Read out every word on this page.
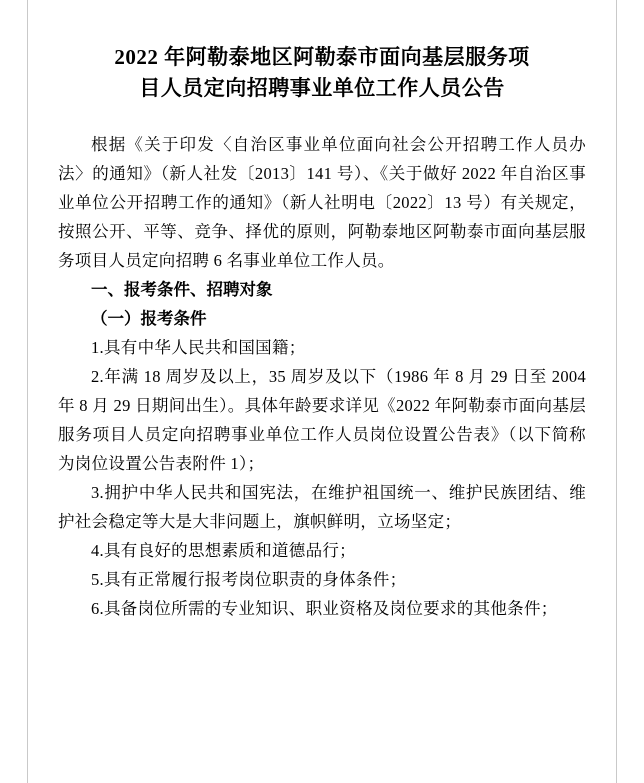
2022 年阿勒泰地区阿勒泰市面向基层服务项
目人员定向招聘事业单位工作人员公告

根据《关于印发〈自治区事业单位面向社会公开招聘工作人员办法〉的通知》（新人社发〔2013〕141 号）、《关于做好 2022 年自治区事业单位公开招聘工作的通知》（新人社明电〔2022〕13 号）有关规定，按照公开、平等、竞争、择优的原则，阿勒泰地区阿勒泰市面向基层服务项目人员定向招聘 6 名事业单位工作人员。

一、报考条件、招聘对象

（一）报考条件

1.具有中华人民共和国国籍；

2.年满 18 周岁及以上，35 周岁及以下（1986 年 8 月 29 日至 2004 年 8 月 29 日期间出生）。具体年龄要求详见《2022 年阿勒泰市面向基层服务项目人员定向招聘事业单位工作人员岗位设置公告表》（以下简称为岗位设置公告表附件 1）；

3.拥护中华人民共和国宪法，在维护祖国统一、维护民族团结、维护社会稳定等大是大非问题上，旗帜鲜明，立场坚定；

4.具有良好的思想素质和道德品行；

5.具有正常履行报考岗位职责的身体条件；

6.具备岗位所需的专业知识、职业资格及岗位要求的其他条件；
